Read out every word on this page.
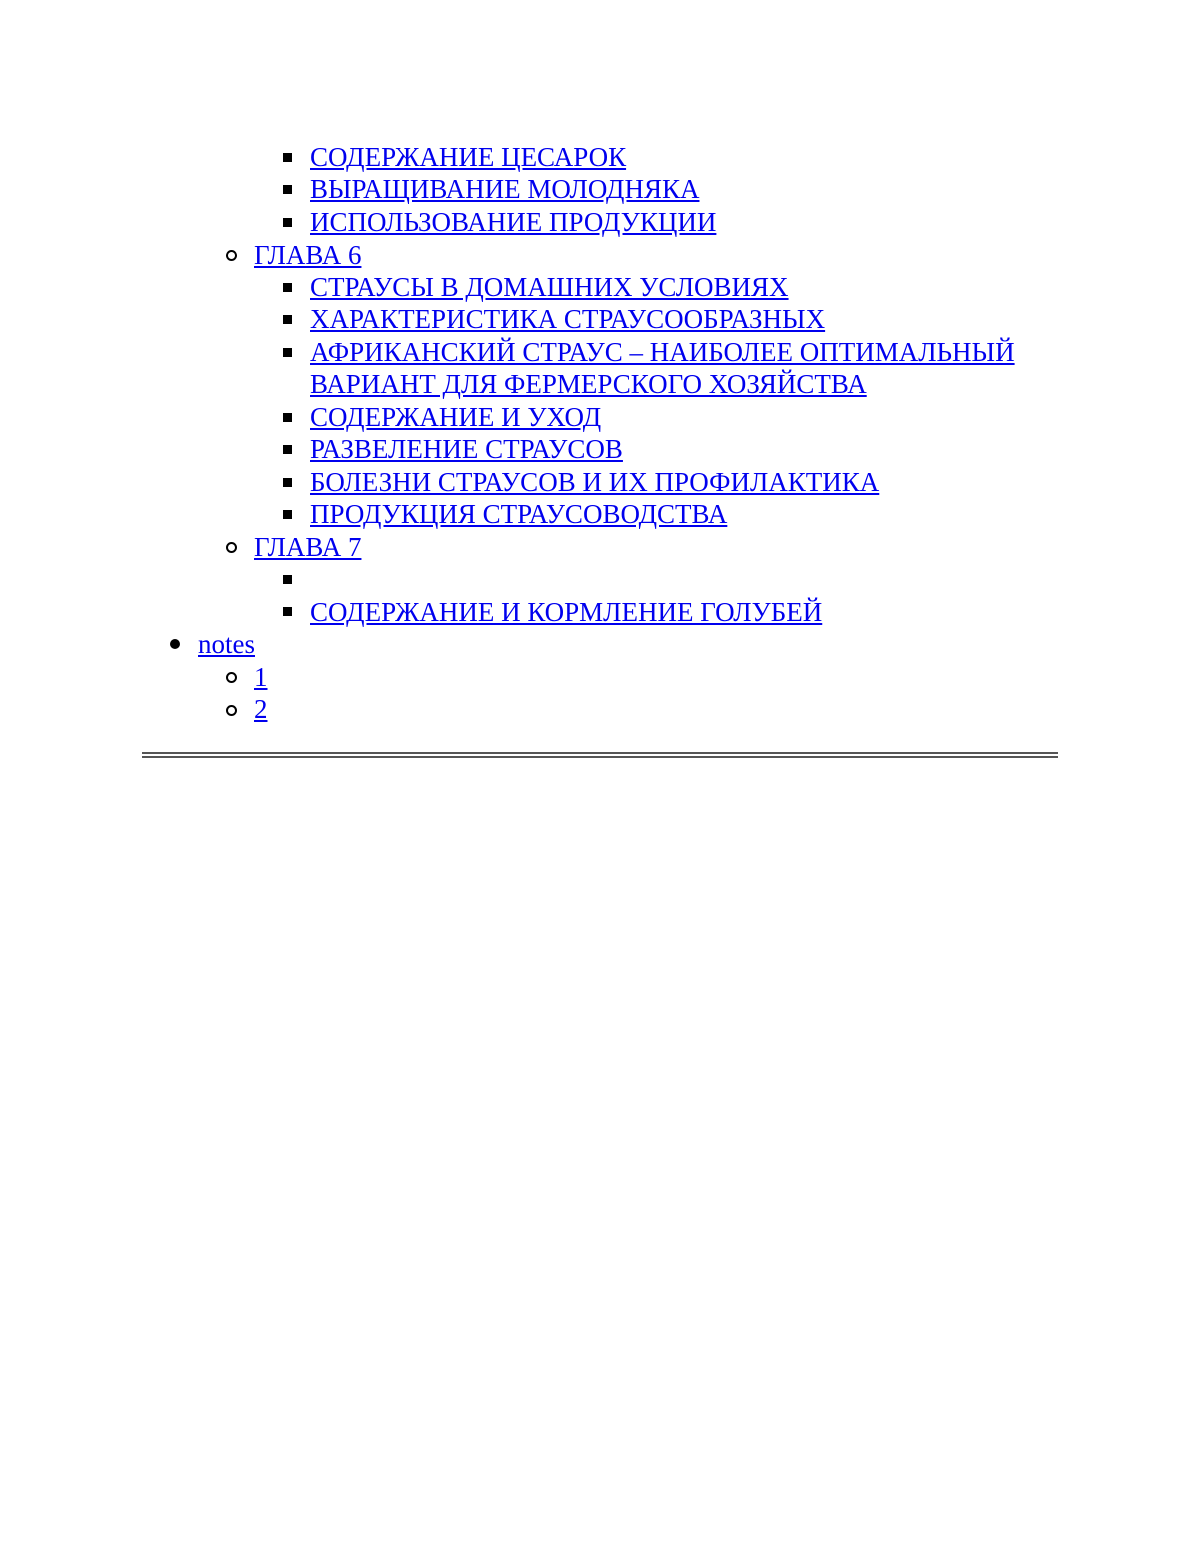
СОДЕРЖАНИЕ ЦЕСАРОК
ВЫРАЩИВАНИЕ МОЛОДНЯКА
ИСПОЛЬЗОВАНИЕ ПРОДУКЦИИ
ГЛАВА 6
СТРАУСЫ В ДОМАШНИХ УСЛОВИЯХ
ХАРАКТЕРИСТИКА СТРАУСООБРАЗНЫХ
АФРИКАНСКИЙ СТРАУС – НАИБОЛЕЕ ОПТИМАЛЬНЫЙ
ВАРИАНТ ДЛЯ ФЕРМЕРСКОГО ХОЗЯЙСТВА
СОДЕРЖАНИЕ И УХОД
РАЗВЕЛЕНИЕ СТРАУСОВ
БОЛЕЗНИ СТРАУСОВ И ИХ ПРОФИЛАКТИКА
ПРОДУКЦИЯ СТРАУСОВОДСТВА
ГЛАВА 7
СОДЕРЖАНИЕ И КОРМЛЕНИЕ ГОЛУБЕЙ
notes
1
2
